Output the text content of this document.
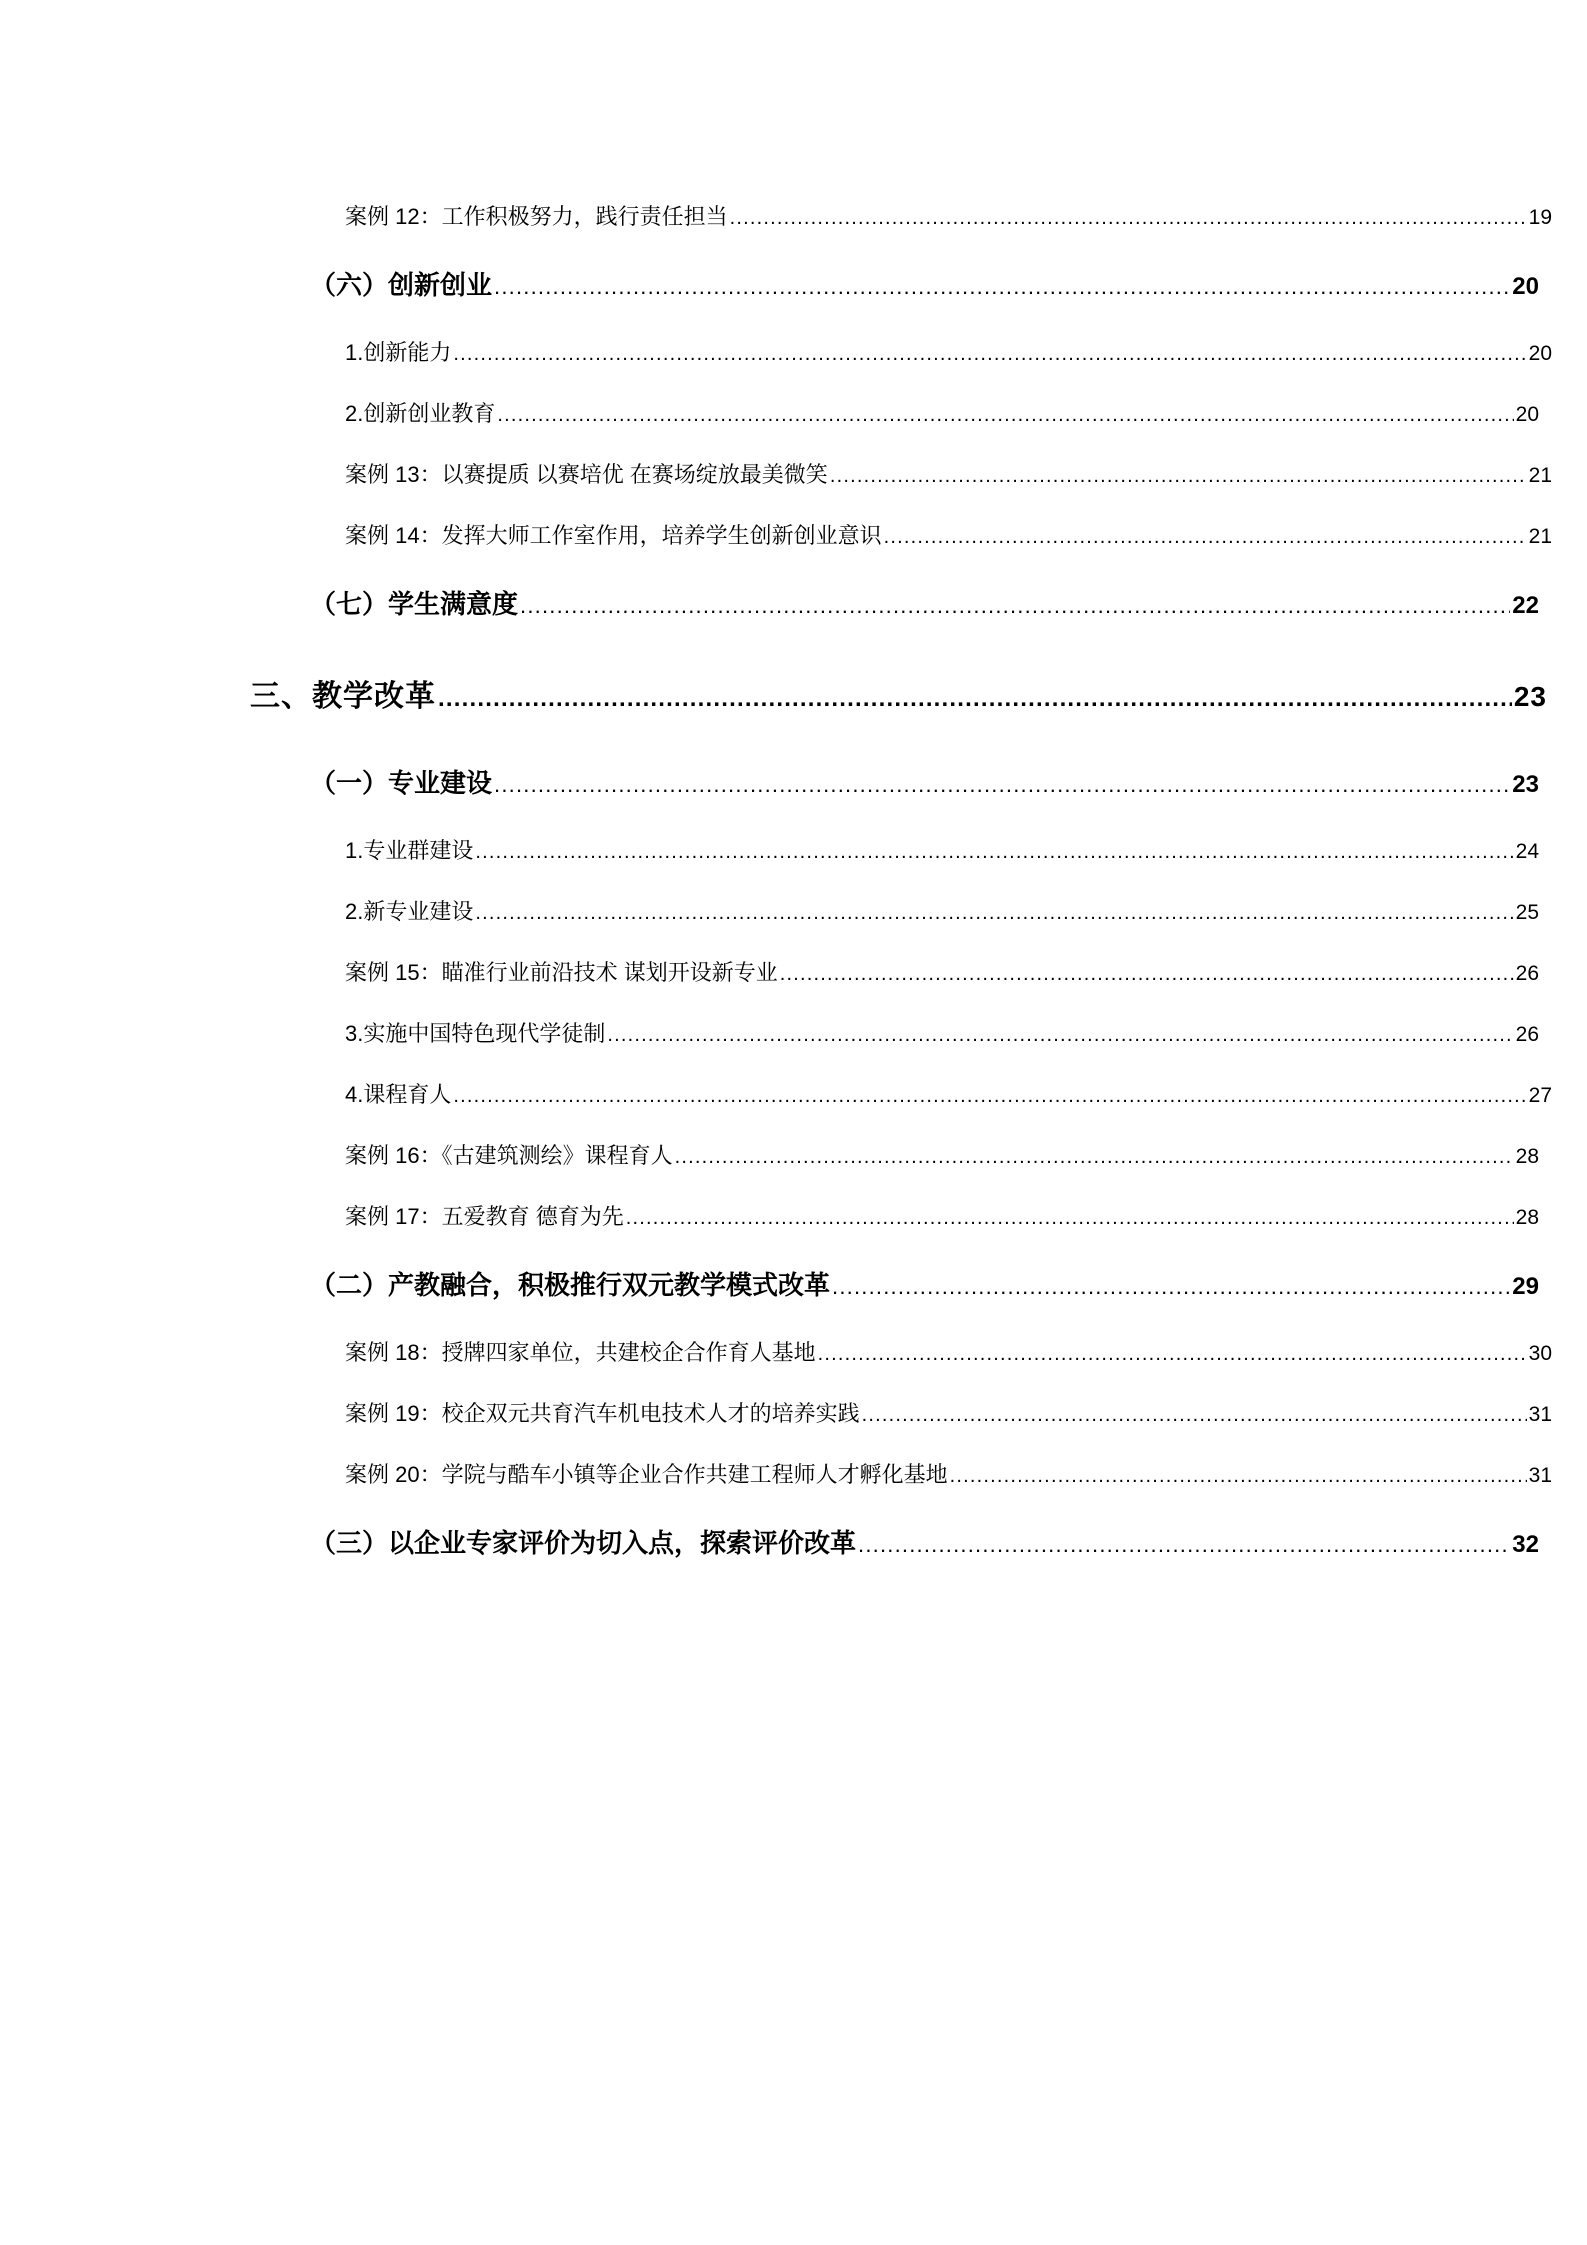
案例 12：工作积极努力，践行责任担当 .....	19
（六）创新创业 .....	20
1.创新能力 .....	20
2.创新创业教育 .....	20
案例 13：以赛提质 以赛培优 在赛场绽放最美微笑 .....	21
案例 14：发挥大师工作室作用，培养学生创新创业意识 .....	21
（七）学生满意度 .....	22
三、教学改革 .....	23
（一）专业建设 .....	23
1.专业群建设 .....	24
2.新专业建设 .....	25
案例 15：瞄准行业前沿技术 谋划开设新专业 .....	26
3.实施中国特色现代学徒制 .....	26
4.课程育人 .....	27
案例 16：《古建筑测绘》课程育人 .....	28
案例 17：五爱教育 德育为先 .....	28
（二）产教融合，积极推行双元教学模式改革 .....	29
案例 18：授牌四家单位，共建校企合作育人基地 .....	30
案例 19：校企双元共育汽车机电技术人才的培养实践 .....	31
案例 20：学院与酷车小镇等企业合作共建工程师人才孵化基地 .....	31
（三）以企业专家评价为切入点，探索评价改革 .....	32
